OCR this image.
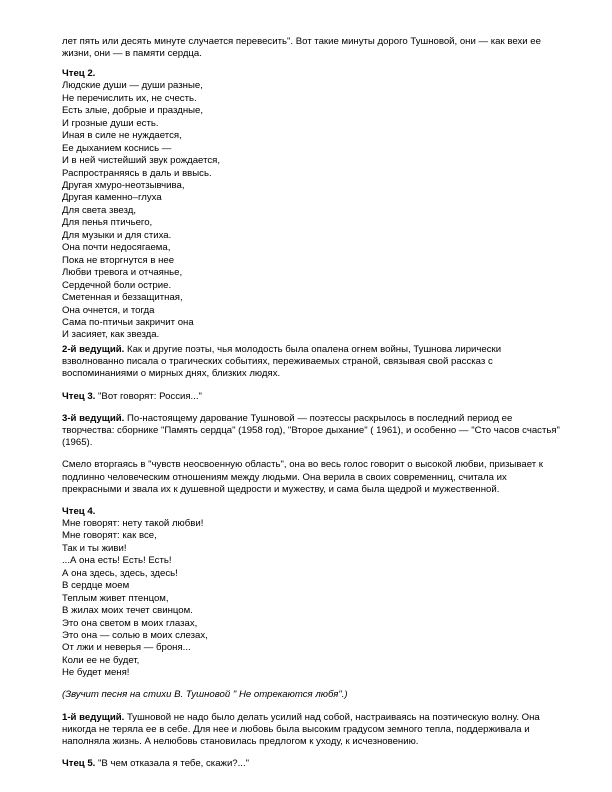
лет пять или десять минуте случается перевесить". Вот такие минуты дорого Тушновой, они — как вехи ее жизни, они — в памяти сердца.

Чтец 2.

Людские души — души разные,
Не перечислить их, не счесть.
Есть злые, добрые и праздные,
И грозные души есть.
Иная в силе не нуждается,
Ее дыханием коснись —
И в ней чистейший звук рождается,
Распространяясь в даль и ввысь.
Другая хмуро-неотзывчива,
Другая каменно–глуха
Для света звезд,
Для пенья птичьего,
Для музыки и для стиха.
Она почти недосягаема,
Пока не вторгнутся в нее
Любви тревога и отчаянье,
Сердечной боли острие.
Сметенная и беззащитная,
Она очнется, и тогда
Сама по-птичьи закричит она
И засияет, как звезда.

2-й ведущий. Как и другие поэты, чья молодость была опалена огнем войны, Тушнова лирически взволнованно писала о трагических событиях, переживаемых страной, связывая свой рассказ с воспоминаниями о мирных днях, близких людях.

Чтец 3. "Вот говорят: Россия..."

3-й ведущий. По-настоящему дарование Тушновой — поэтессы раскрылось в последний период ее творчества: сборнике "Память сердца" (1958 год), "Второе дыхание" ( 1961), и особенно — "Сто часов счастья" (1965).

Смело вторгаясь в "чувств неосвоенную область", она во весь голос говорит о высокой любви, призывает к подлинно человеческим отношениям между людьми. Она верила в своих современниц, считала их прекрасными и звала их к душевной щедрости и мужеству, и сама была щедрой и мужественной.

Чтец 4.

Мне говорят: нету такой любви!
Мне говорят: как все,
Так и ты живи!
...А она есть! Есть! Есть!
А она здесь, здесь, здесь!
В сердце моем
Теплым живет птенцом,
В жилах моих течет свинцом.
Это она светом в моих глазах,
Это она — солью в моих слезах,
От лжи и неверья — броня...
Коли ее не будет,
Не будет меня!

(Звучит песня на стихи В. Тушновой " Не отрекаются любя".)

1-й ведущий. Тушновой не надо было делать усилий над собой, настраиваясь на поэтическую волну. Она никогда не теряла ее в себе. Для нее и любовь была высоким градусом земного тепла, поддерживала и наполняла жизнь. А нелюбовь становилась предлогом к уходу, к исчезновению.

Чтец 5. "В чем отказала я тебе, скажи?..."
